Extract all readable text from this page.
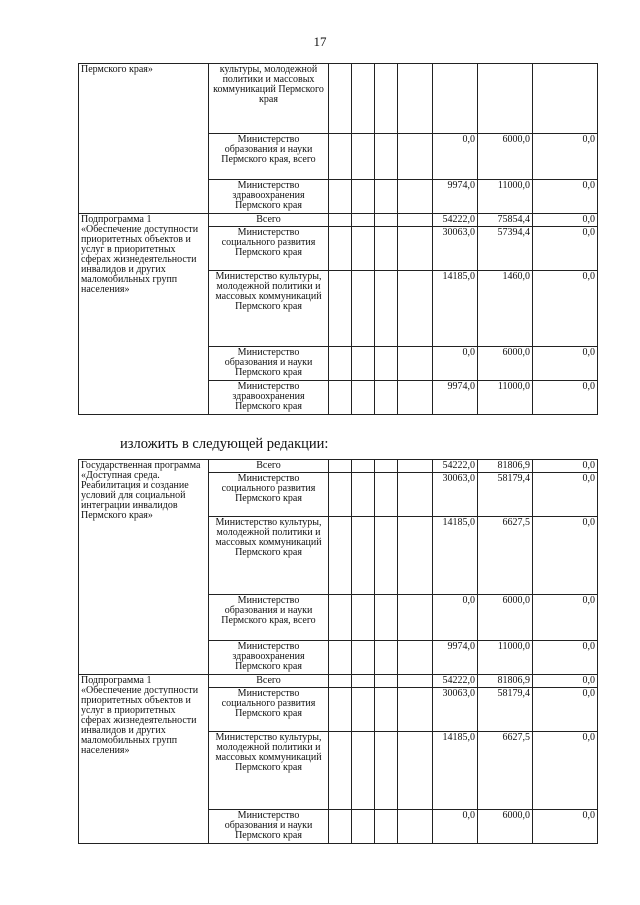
17
Пермского края»	культуры, молодежной политики и массовых коммуникаций Пермского края							
	Министерство образования и науки Пермского края, всего					0,0	6000,0	0,0
	Министерство здравоохранения Пермского края					9974,0	11000,0	0,0
Подпрограмма 1 «Обеспечение доступности приоритетных объектов и услуг в приоритетных сферах жизнедеятельности инвалидов и других маломобильных групп населения»	Всего					54222,0	75854,4	0,0
	Министерство социального развития Пермского края					30063,0	57394,4	0,0
	Министерство культуры, молодежной политики и массовых коммуникаций Пермского края					14185,0	1460,0	0,0
	Министерство образования и науки Пермского края					0,0	6000,0	0,0
	Министерство здравоохранения Пермского края					9974,0	11000,0	0,0
изложить в следующей редакции:
Государственная программа «Доступная среда. Реабилитация и создание условий для социальной интеграции инвалидов Пермского края»	Всего					54222,0	81806,9	0,0
	Министерство социального развития Пермского края					30063,0	58179,4	0,0
	Министерство культуры, молодежной политики и массовых коммуникаций Пермского края					14185,0	6627,5	0,0
	Министерство образования и науки Пермского края, всего					0,0	6000,0	0,0
	Министерство здравоохранения Пермского края					9974,0	11000,0	0,0
Подпрограмма 1 «Обеспечение доступности приоритетных объектов и услуг в приоритетных сферах жизнедеятельности инвалидов и других маломобильных групп населения»	Всего					54222,0	81806,9	0,0
	Министерство социального развития Пермского края					30063,0	58179,4	0,0
	Министерство культуры, молодежной политики и массовых коммуникаций Пермского края					14185,0	6627,5	0,0
	Министерство образования и науки Пермского края					0,0	6000,0	0,0
